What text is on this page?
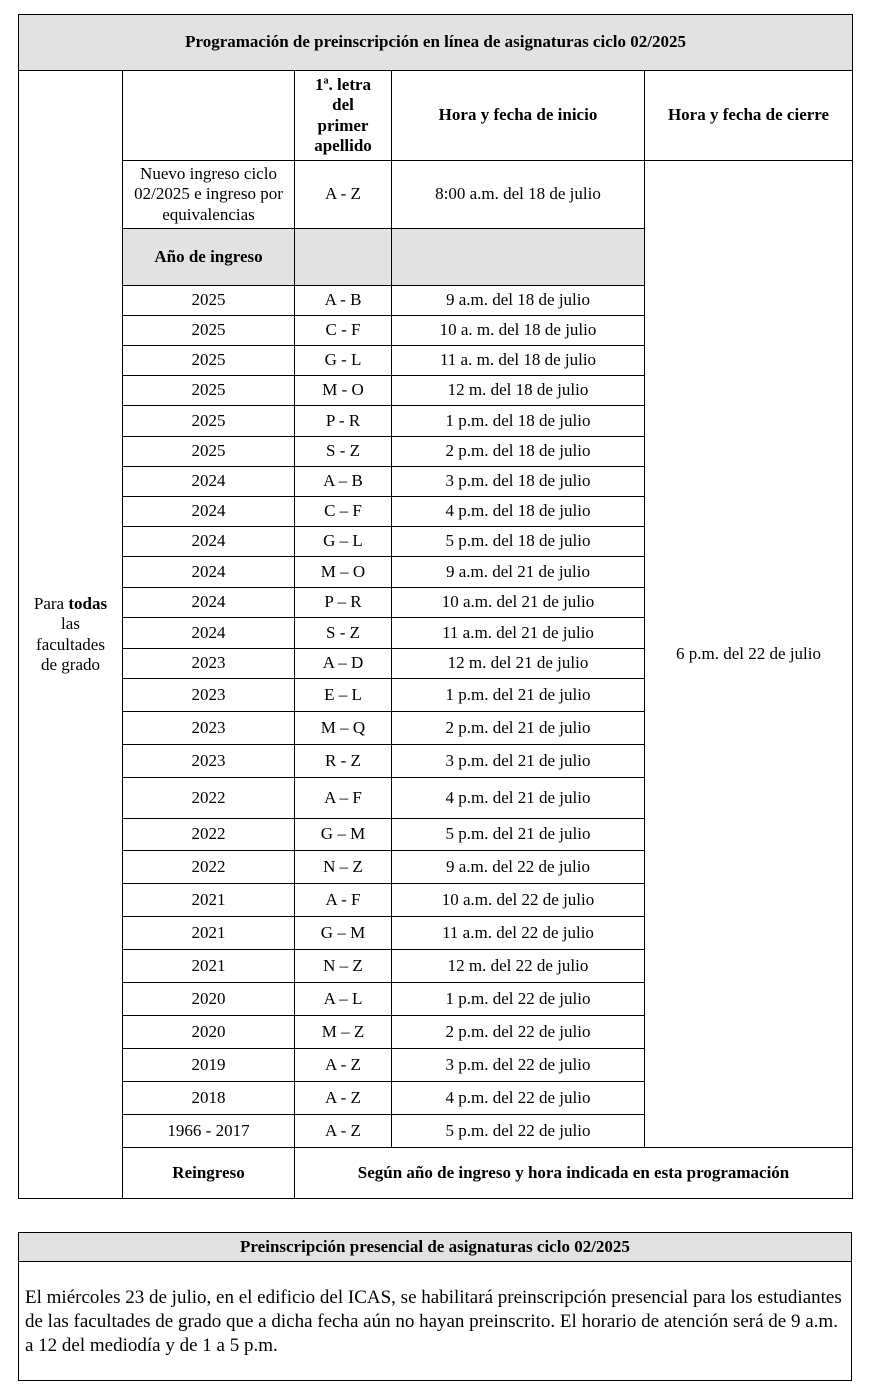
Programación de preinscripción en línea de asignaturas ciclo 02/2025				
Para todas
las facultades de grado		1ª. letra del primer apellido	Hora y fecha de inicio	Hora y fecha de cierre
	Nuevo ingreso ciclo 02/2025 e ingreso por equivalencias	A - Z	8:00 a.m. del 18 de julio	6 p.m. del 22 de julio
	Año de ingreso			
	2025	A - B	9 a.m. del 18 de julio	
	2025	C - F	10 a. m. del 18 de julio	
	2025	G - L	11 a. m. del 18 de julio	
	2025	M - O	12 m. del 18 de julio	
	2025	P - R	1 p.m. del 18 de julio	
	2025	S - Z	2 p.m. del 18 de julio	
	2024	A – B	3 p.m. del 18 de julio	
	2024	C – F	4 p.m. del 18 de julio	
	2024	G – L	5 p.m. del 18 de julio	
	2024	M – O	9 a.m. del 21 de julio	
	2024	P – R	10 a.m. del 21 de julio	
	2024	S - Z	11 a.m. del 21 de julio	
	2023	A – D	12 m. del 21 de julio	
	2023	E – L	1 p.m. del 21 de julio	
	2023	M – Q	2 p.m. del 21 de julio	
	2023	R - Z	3 p.m. del 21 de julio	
	2022	A – F	4 p.m. del 21 de julio	
	2022	G – M	5 p.m. del 21 de julio	
	2022	N – Z	9 a.m. del 22 de julio	
	2021	A - F	10 a.m. del 22 de julio	
	2021	G – M	11 a.m. del 22 de julio	
	2021	N – Z	12 m. del 22 de julio	
	2020	A – L	1 p.m. del 22 de julio	
	2020	M – Z	2 p.m. del 22 de julio	
	2019	A - Z	3 p.m. del 22 de julio	
	2018	A - Z	4 p.m. del 22 de julio	
	1966 - 2017	A - Z	5 p.m. del 22 de julio	
	Reingreso	Según año de ingreso y hora indicada en esta programación		
Preinscripción presencial de asignaturas ciclo 02/2025
El miércoles 23 de julio, en el edificio del ICAS, se habilitará preinscripción presencial para los estudiantes de las facultades de grado que a dicha fecha aún no hayan preinscrito. El horario de atención será de 9 a.m. a 12 del mediodía y de 1 a 5 p.m.
